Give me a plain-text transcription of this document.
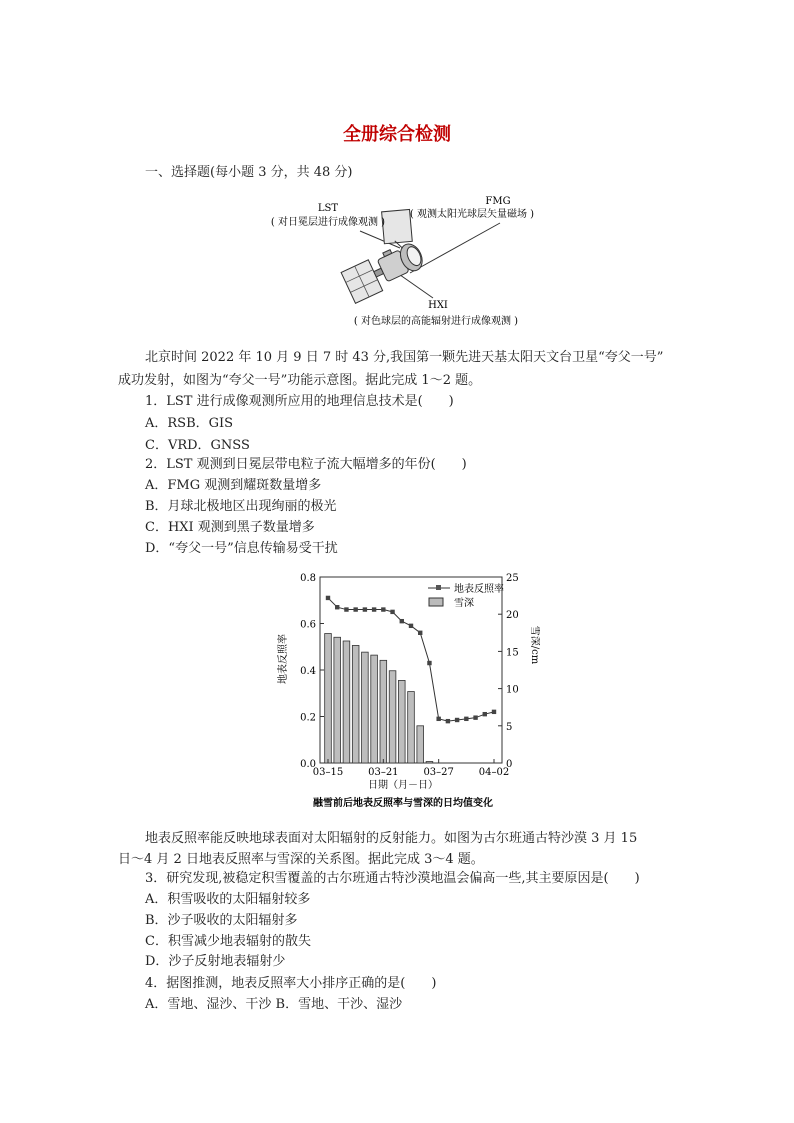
全册综合检测
一、选择题(每小题 3 分，共 48 分)
LST
( 对日冕层进行成像观测 )
FMG
( 观测太阳光球层矢量磁场 )
HXI
( 对色球层的高能辐射进行成像观测 )
北京时间 2022 年 10 月 9 日 7 时 43 分,我国第一颗先进天基太阳天文台卫星“夸父一号”
成功发射，如图为“夸父一号”功能示意图。据此完成 1～2 题。
1．LST 进行成像观测所应用的地理信息技术是(　　)
A．RSB．GIS
C．VRD．GNSS
2．LST 观测到日冕层带电粒子流大幅增多的年份(　　)
A．FMG 观测到耀斑数量增多
B．月球北极地区出现绚丽的极光
C．HXI 观测到黑子数量增多
D．“夸父一号”信息传输易受干扰
0.0
0.2
0.4
0.6
0.8
0
5
10
15
20
25
03–15 03–21 03–27 04–02
地表反照率
雪深
地表反照率	雪深/cm
日期（月－日）
融雪前后地表反照率与雪深的日均值变化
地表反照率能反映地球表面对太阳辐射的反射能力。如图为古尔班通古特沙漠 3 月 15
日～4 月 2 日地表反照率与雪深的关系图。据此完成 3～4 题。
3．研究发现,被稳定积雪覆盖的古尔班通古特沙漠地温会偏高一些,其主要原因是(　　)
A．积雪吸收的太阳辐射较多
B．沙子吸收的太阳辐射多
C．积雪减少地表辐射的散失
D．沙子反射地表辐射少
4．据图推测，地表反照率大小排序正确的是(　　)
A．雪地、湿沙、干沙 B．雪地、干沙、湿沙
